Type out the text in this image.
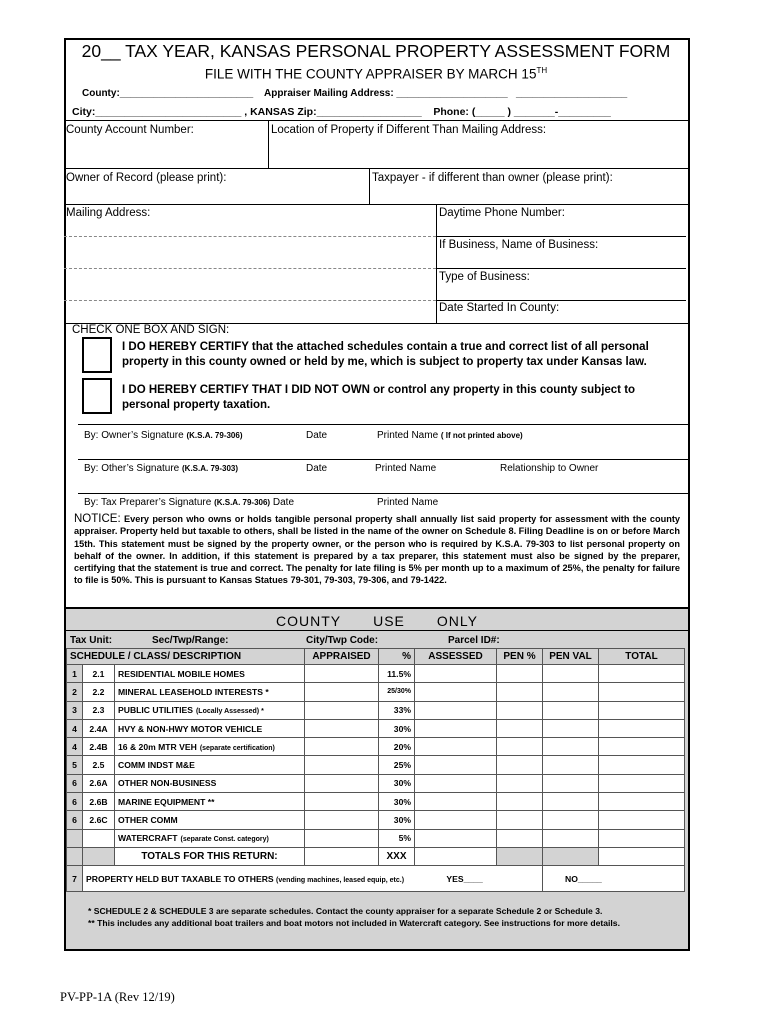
20__ TAX YEAR, KANSAS PERSONAL PROPERTY ASSESSMENT FORM
FILE WITH THE COUNTY APPRAISER BY MARCH 15TH
County:________________________    Appraiser Mailing Address: ____________________   ____________________
City:_________________________ , KANSAS Zip:__________________    Phone: (_____ ) _______-_________
County Account Number:	Location of Property if Different Than Mailing Address:
Owner of Record (please print):	Taxpayer - if different than owner (please print):
Mailing Address:	Daytime Phone Number:
If Business, Name of Business:
Type of Business:
Date Started In County:
CHECK ONE BOX AND SIGN:
I DO HEREBY CERTIFY that the attached schedules contain a true and correct list of all personal property in this county owned or held by me, which is subject to property tax under Kansas law.
I DO HEREBY CERTIFY THAT I DID NOT OWN or control any property in this county subject to personal property taxation.
By: Owner’s Signature (K.S.A. 79-306)	Date	Printed Name ( If not printed above)
By: Other’s Signature (K.S.A. 79-303)	Date	Printed Name	Relationship to Owner
By: Tax Preparer’s Signature (K.S.A. 79-306) Date	Printed Name
NOTICE: Every person who owns or holds tangible personal property shall annually list said property for assessment with the county appraiser. Property held but taxable to others, shall be listed in the name of the owner on Schedule 8. Filing Deadline is on or before March 15th. This statement must be signed by the property owner, or the person who is required by K.S.A. 79-303 to list personal property on behalf of the owner. In addition, if this statement is prepared by a tax preparer, this statement must also be signed by the preparer, certifying that the statement is true and correct. The penalty for late filing is 5% per month up to a maximum of 25%, the penalty for failure to file is 50%. This is pursuant to Kansas Statues 79-301, 79-303, 79-306, and 79-1422.
COUNTY USE ONLY
Tax Unit:	Sec/Twp/Range:	City/Twp Code:	Parcel ID#:
SCHEDULE / CLASS/ DESCRIPTION			APPRAISED	%	ASSESSED	PEN %	PEN VAL	TOTAL
1	2.1	RESIDENTIAL MOBILE HOMES		11.5%				
2	2.2	MINERAL LEASEHOLD INTERESTS *		25/30%				
3	2.3	PUBLIC UTILITIES (Locally Assessed) *		33%				
4	2.4A	HVY & NON-HWY MOTOR VEHICLE		30%				
4	2.4B	16 & 20m MTR VEH (separate certification)		20%				
5	2.5	COMM INDST M&E		25%				
6	2.6A	OTHER NON-BUSINESS		30%				
6	2.6B	MARINE EQUIPMENT **		30%				
6	2.6C	OTHER COMM		30%				
		WATERCRAFT (separate Const. category)		5%				
		TOTALS FOR THIS RETURN:		XXX				
7	PROPERTY HELD BUT TAXABLE TO OTHERS (vending machines, leased equip, etc.) YES____						NO_____	
* SCHEDULE 2 & SCHEDULE 3 are separate schedules. Contact the county appraiser for a separate Schedule 2 or Schedule 3.
** This includes any additional boat trailers and boat motors not included in Watercraft category. See instructions for more details.
PV-PP-1A (Rev 12/19)
